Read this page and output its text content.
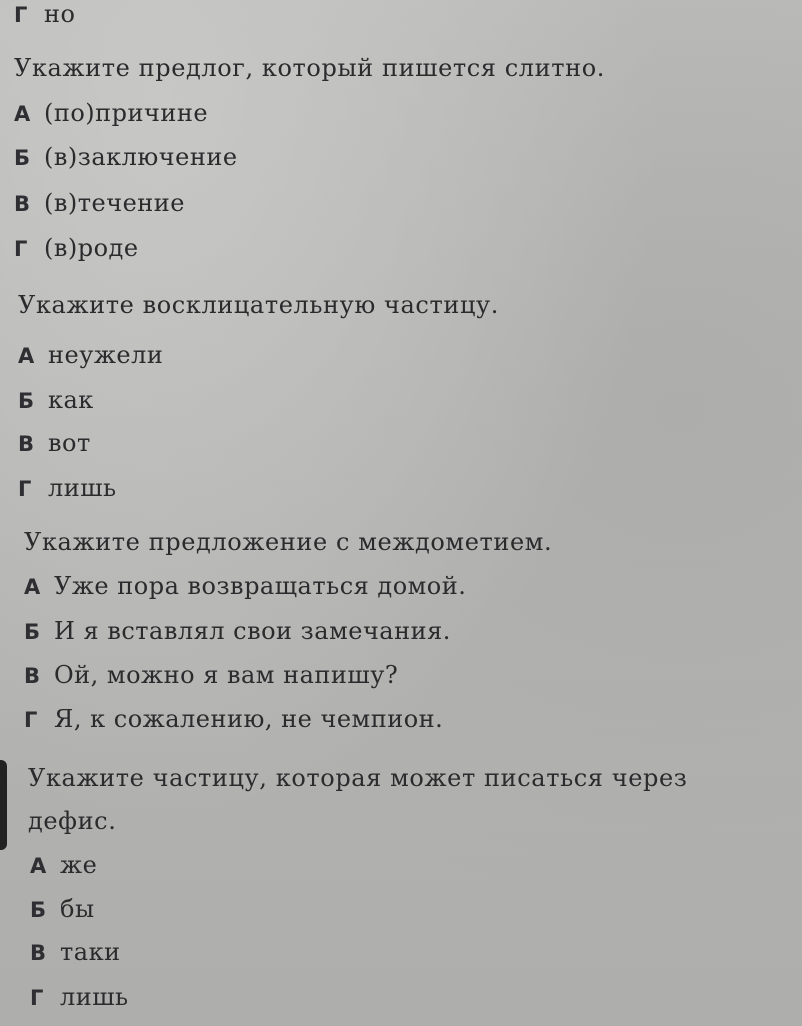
Г но
Укажите предлог, который пишется слитно.
А (по)причине
Б (в)заключение
В (в)течение
Г (в)роде
Укажите восклицательную частицу.
А неужели
Б как
В вот
Г лишь
Укажите предложение с междометием.
А Уже пора возвращаться домой.
Б И я вставлял свои замечания.
В Ой, можно я вам напишу?
Г Я, к сожалению, не чемпион.
Укажите частицу, которая может писаться через
дефис.
А же
Б бы
В таки
Г лишь
